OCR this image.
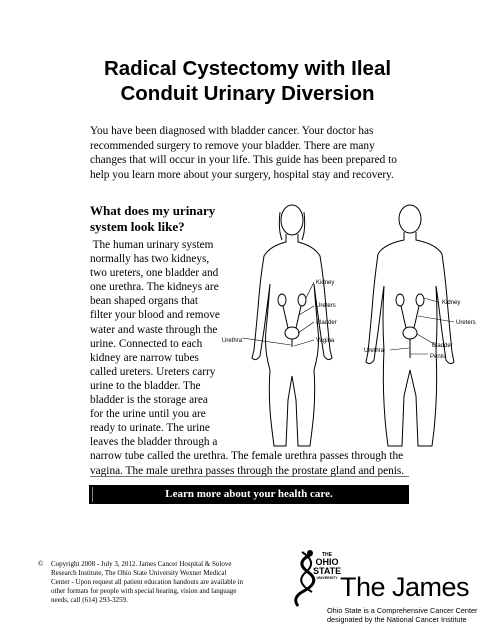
Radical Cystectomy with Ileal
Conduit Urinary Diversion
You have been diagnosed with bladder cancer. Your doctor has
recommended surgery to remove your bladder. There are many
changes that will occur in your life. This guide has been prepared to
help you learn more about your surgery, hospital stay and recovery.
What does my urinary
system look like?
The human urinary system
normally has two kidneys,
two ureters, one bladder and
one urethra. The kidneys are
bean shaped organs that
filter your blood and remove
water and waste through the
urine. Connected to each
kidney are narrow tubes
called ureters. Ureters carry
urine to the bladder. The
bladder is the storage area
for the urine until you are
ready to urinate. The urine
leaves the bladder through a
narrow tube called the urethra. The female urethra passes through the
vagina. The male urethra passes through the prostate gland and penis.
Kidney
Ureters
Bladder
Vagina
Urethra
Kidney
Ureters
Bladder
Penis
Urethra
Learn more about your health care.
© Copyright 2008 - July 3, 2012. James Cancer Hospital & Solove
Research Institute, The Ohio State University Wexner Medical
Center - Upon request all patient education handouts are available in
other formats for people with special hearing, vision and language
needs, call (614) 293-3259.
THE
OHIO STATE
UNIVERSITY The James
Ohio State is a Comprehensive Cancer Center
designated by the National Cancer Institute
